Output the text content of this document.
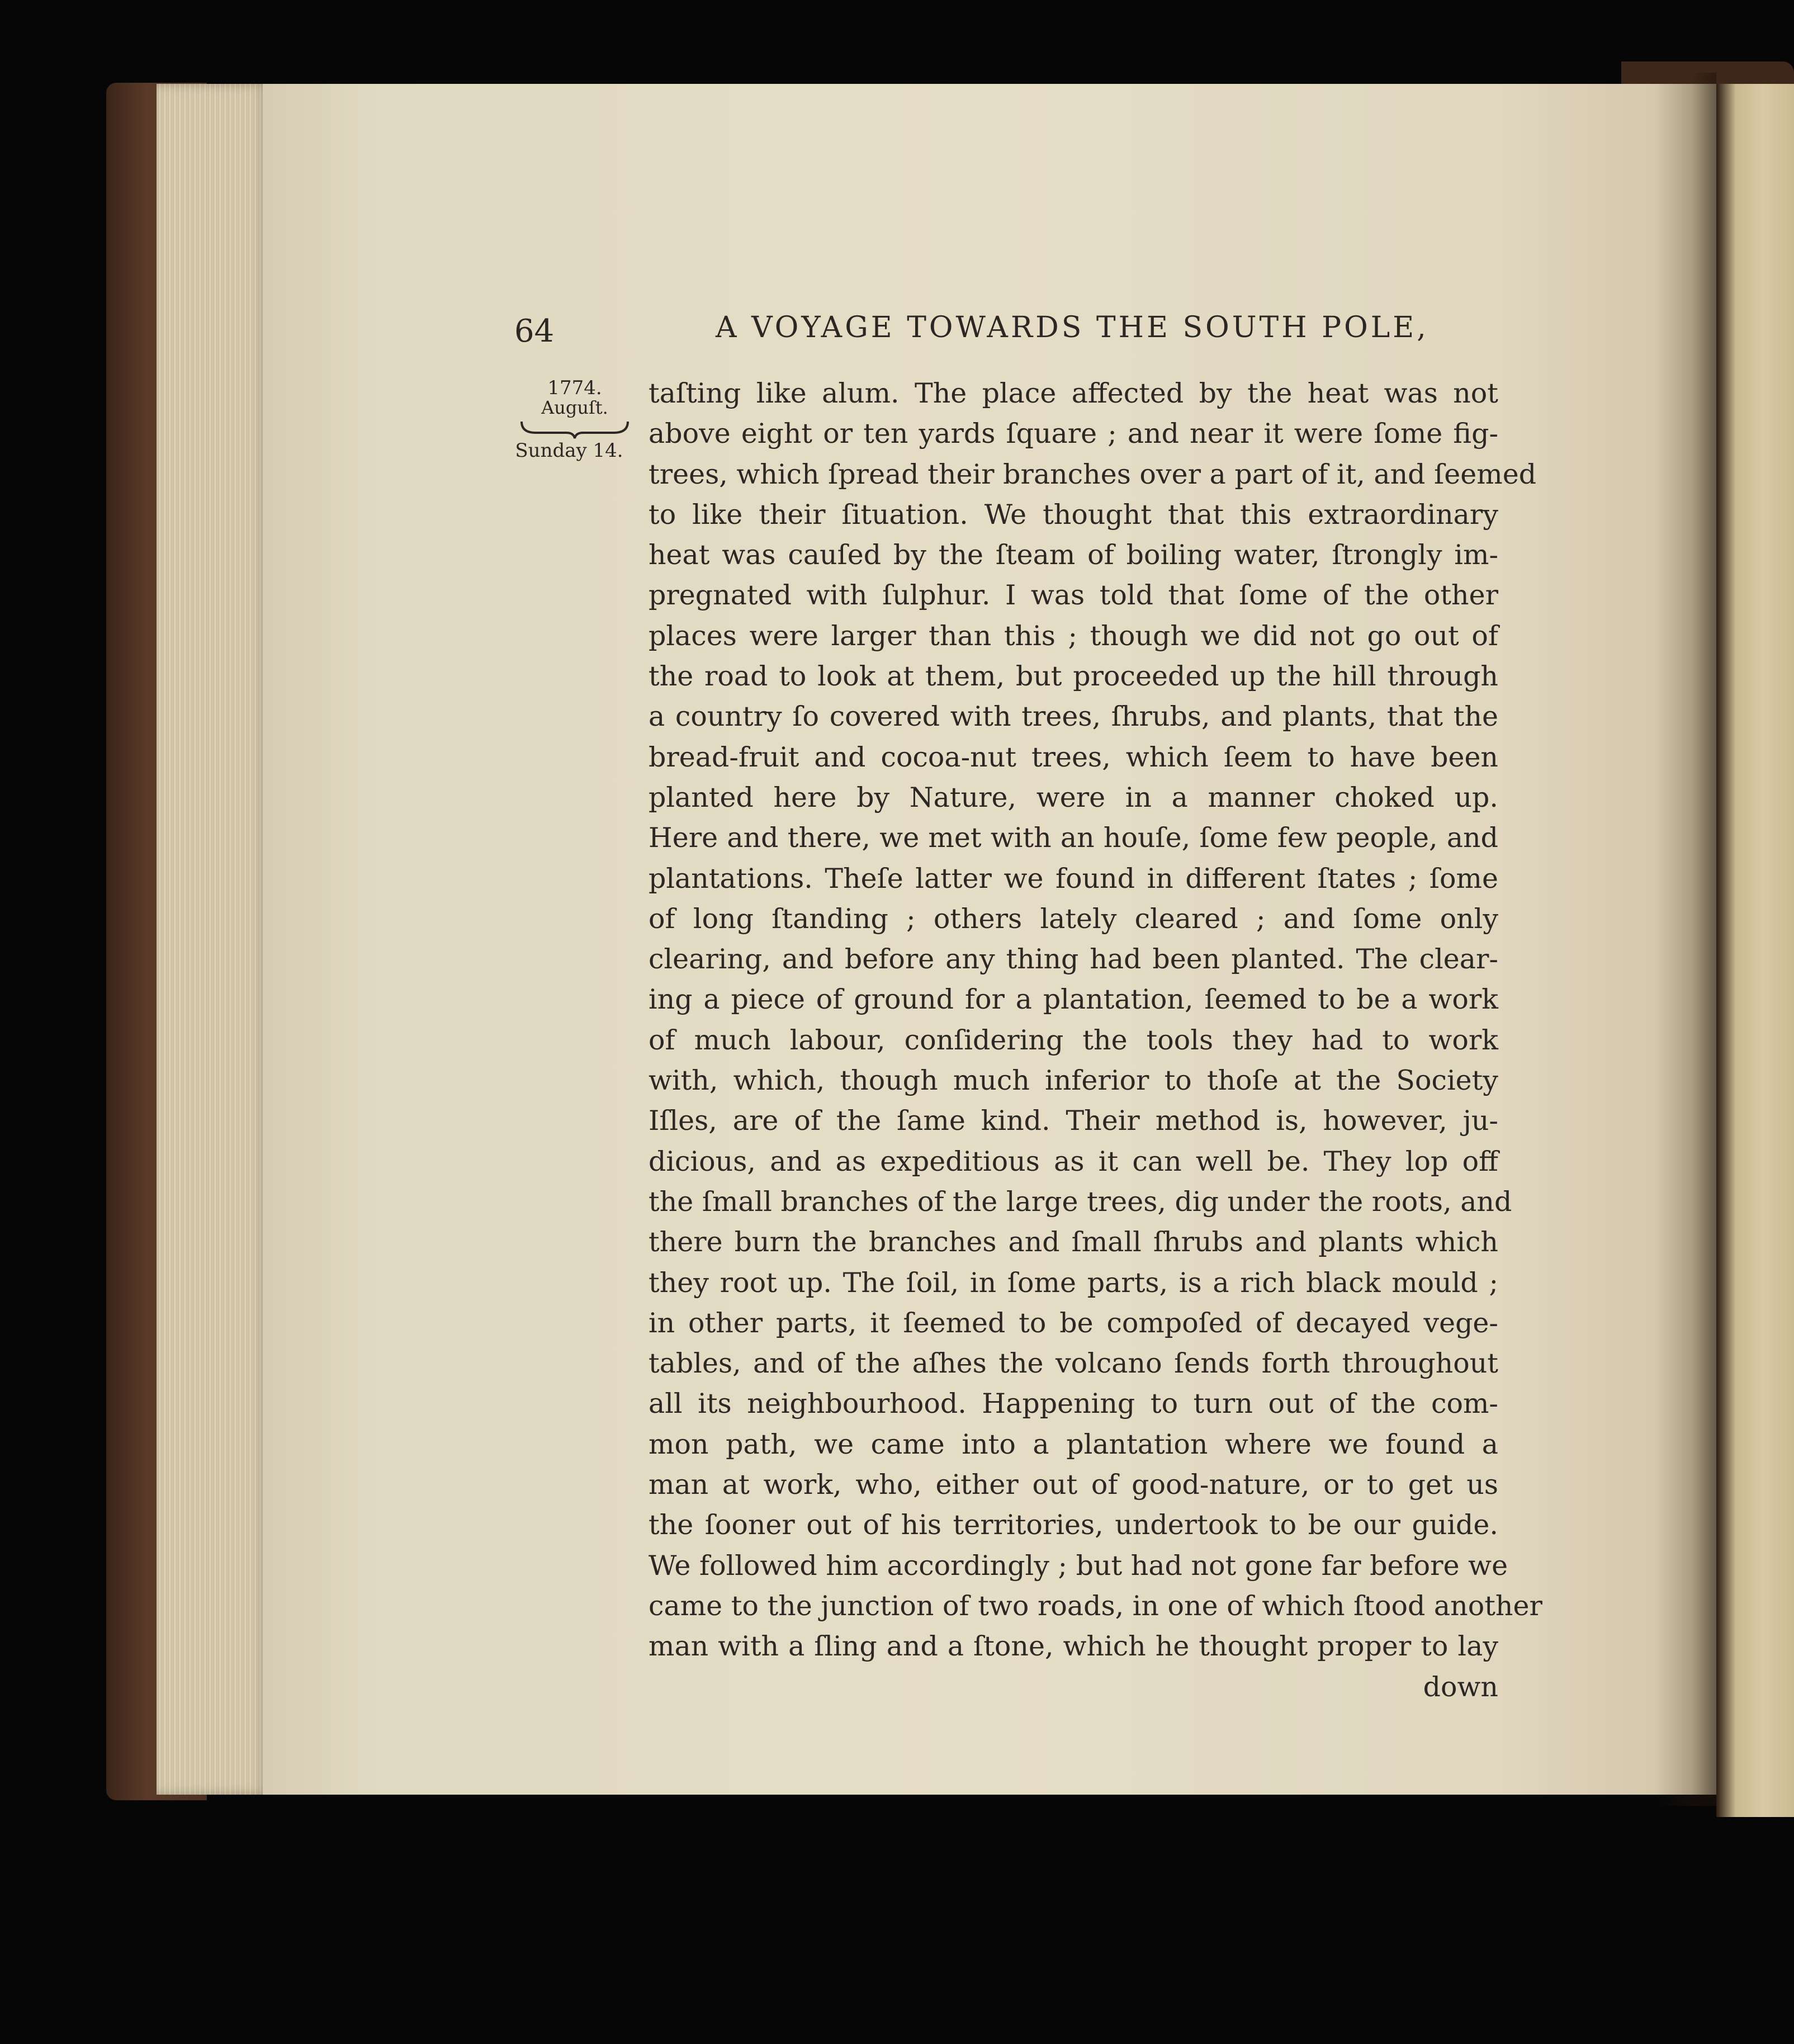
64	A VOYAGE TOWARDS THE SOUTH POLE,
1774.
Auguſt.
Sunday 14.
taſting like alum. The place affected by the heat was not
above eight or ten yards ſquare ; and near it were ſome fig-
trees, which ſpread their branches over a part of it, and ſeemed
to like their ſituation. We thought that this extraordinary
heat was cauſed by the ſteam of boiling water, ſtrongly im-
pregnated with ſulphur. I was told that ſome of the other
places were larger than this ; though we did not go out of
the road to look at them, but proceeded up the hill through
a country ſo covered with trees, ſhrubs, and plants, that the
bread-fruit and cocoa-nut trees, which ſeem to have been
planted here by Nature, were in a manner choked up.
Here and there, we met with an houſe, ſome few people, and
plantations. Theſe latter we found in different ſtates ; ſome
of long ſtanding ; others lately cleared ; and ſome only
clearing, and before any thing had been planted. The clear-
ing a piece of ground for a plantation, ſeemed to be a work
of much labour, conſidering the tools they had to work
with, which, though much inferior to thoſe at the Society
Iſles, are of the ſame kind. Their method is, however, ju-
dicious, and as expeditious as it can well be. They lop off
the ſmall branches of the large trees, dig under the roots, and
there burn the branches and ſmall ſhrubs and plants which
they root up. The ſoil, in ſome parts, is a rich black mould ;
in other parts, it ſeemed to be compoſed of decayed vege-
tables, and of the aſhes the volcano ſends forth throughout
all its neighbourhood. Happening to turn out of the com-
mon path, we came into a plantation where we found a
man at work, who, either out of good-nature, or to get us
the ſooner out of his territories, undertook to be our guide.
We followed him accordingly ; but had not gone far before we
came to the junction of two roads, in one of which ſtood another
man with a ſling and a ſtone, which he thought proper to lay
down
